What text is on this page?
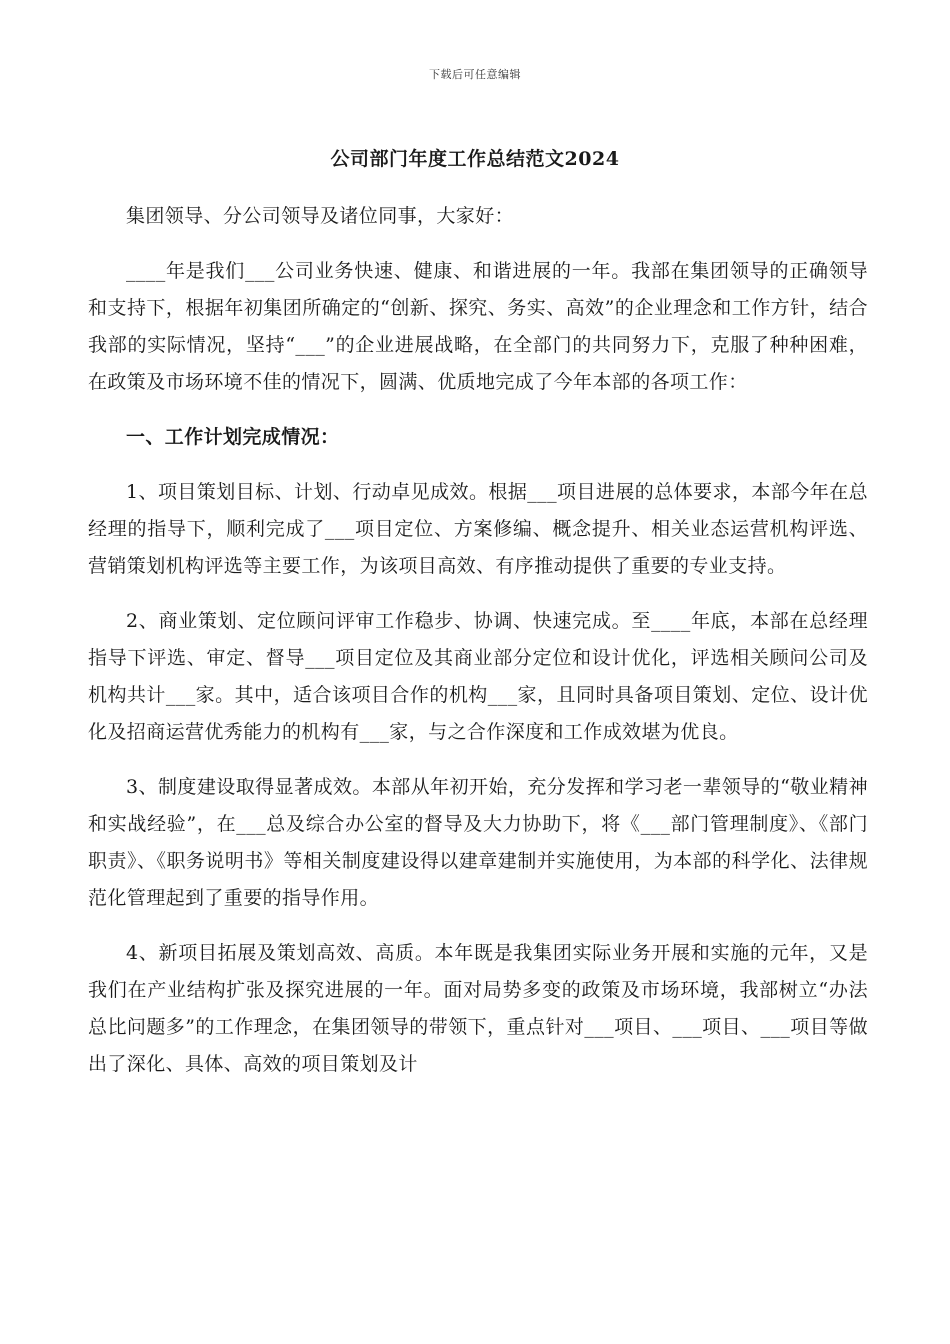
下载后可任意编辑
公司部门年度工作总结范文2024

集团领导、分公司领导及诸位同事，大家好：

____年是我们___公司业务快速、健康、和谐进展的一年。我部在集团领导的正确领导和支持下，根据年初集团所确定的“创新、探究、务实、高效”的企业理念和工作方针，结合我部的实际情况，坚持“___”的企业进展战略，在全部门的共同努力下，克服了种种困难，在政策及市场环境不佳的情况下，圆满、优质地完成了今年本部的各项工作：

一、工作计划完成情况：

1、项目策划目标、计划、行动卓见成效。根据___项目进展的总体要求，本部今年在总经理的指导下，顺利完成了___项目定位、方案修编、概念提升、相关业态运营机构评选、营销策划机构评选等主要工作，为该项目高效、有序推动提供了重要的专业支持。

2、商业策划、定位顾问评审工作稳步、协调、快速完成。至____年底，本部在总经理指导下评选、审定、督导___项目定位及其商业部分定位和设计优化，评选相关顾问公司及机构共计___家。其中，适合该项目合作的机构___家，且同时具备项目策划、定位、设计优化及招商运营优秀能力的机构有___家，与之合作深度和工作成效堪为优良。

3、制度建设取得显著成效。本部从年初开始，充分发挥和学习老一辈领导的“敬业精神和实战经验”，在___总及综合办公室的督导及大力协助下，将《___部门管理制度》、《部门职责》、《职务说明书》等相关制度建设得以建章建制并实施使用，为本部的科学化、法律规范化管理起到了重要的指导作用。

4、新项目拓展及策划高效、高质。本年既是我集团实际业务开展和实施的元年，又是我们在产业结构扩张及探究进展的一年。面对局势多变的政策及市场环境，我部树立“办法总比问题多”的工作理念，在集团领导的带领下，重点针对___项目、___项目、___项目等做出了深化、具体、高效的项目策划及计
